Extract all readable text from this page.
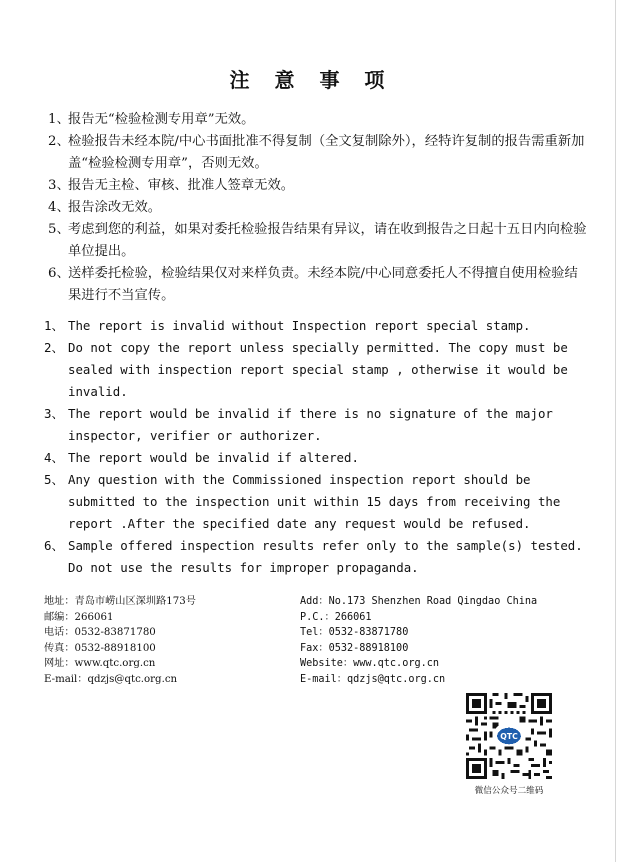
注 意 事 项
1、
报告无“检验检测专用章”无效。
2、
检验报告未经本院/中心书面批准不得复制（全文复制除外），经特许复制的报告需重新加盖“检验检测专用章”，否则无效。
3、
报告无主检、审核、批准人签章无效。
4、
报告涂改无效。
5、
考虑到您的利益，如果对委托检验报告结果有异议，请在收到报告之日起十五日内向检验单位提出。
6、
送样委托检验，检验结果仅对来样负责。未经本院/中心同意委托人不得擅自使用检验结果进行不当宣传。
1、 The report is invalid without Inspection report special stamp.
2、 Do not copy the report unless specially permitted. The copy must be sealed with inspection report special stamp , otherwise it would be invalid.
3、 The report would be invalid if there is no signature of the major inspector, verifier or authorizer.
4、 The report would be invalid if altered.
5、 Any question with the Commissioned inspection report should be submitted to the inspection unit within 15 days from receiving the report .After the specified date any request would be refused.
6、 Sample offered inspection results refer only to the sample(s) tested. Do not use the results for improper propaganda.
地址：青岛市崂山区深圳路173号
邮编：266061
电话：0532-83871780
传真：0532-88918100
网址：www.qtc.org.cn
E-mail：qdzjs@qtc.org.cn
Add：No.173 Shenzhen Road Qingdao China
P.C.：266061
Tel：0532-83871780
Fax：0532-88918100
Website：www.qtc.org.cn
E-mail：qdzjs@qtc.org.cn
QTC
微信公众号二维码
